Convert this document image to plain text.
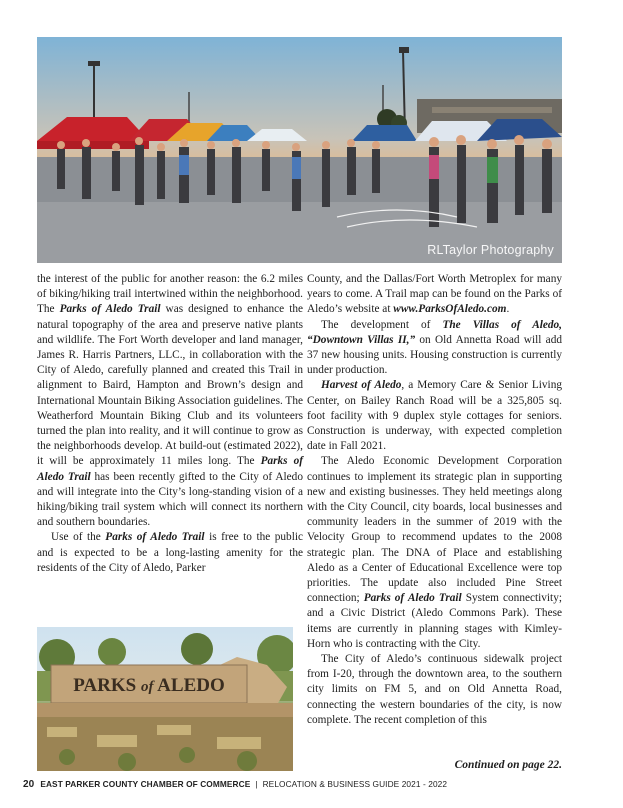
RLTaylor Photography

the interest of the public for another reason: the 6.2 miles of biking/hiking trail intertwined within the neighborhood. The Parks of Aledo Trail was designed to enhance the natural topography of the area and preserve native plants and wildlife. The Fort Worth developer and land manager, James R. Harris Partners, LLC., in collaboration with the City of Aledo, carefully planned and created this Trail in alignment to Baird, Hampton and Brown’s design and International Mountain Biking Association guidelines. The Weatherford Mountain Biking Club and its volunteers turned the plan into reality, and it will continue to grow as the neighborhoods develop. At build-out (estimated 2022), it will be approximately 11 miles long. The Parks of Aledo Trail has been recently gifted to the City of Aledo and will integrate into the City’s long-standing vision of a hiking/biking trail system which will connect its northern and southern boundaries.

Use of the Parks of Aledo Trail is free to the public and is expected to be a long-lasting amenity for the residents of the City of Aledo, Parker

County, and the Dallas/Fort Worth Metroplex for many years to come. A Trail map can be found on the Parks of Aledo’s website at www.ParksOfAledo.com.

The development of The Villas of Aledo, “Downtown Villas II,” on Old Annetta Road will add 37 new housing units. Housing construction is currently under production.

Harvest of Aledo, a Memory Care & Senior Living Center, on Bailey Ranch Road will be a 325,805 sq. foot facility with 9 duplex style cottages for seniors. Construction is underway, with expected completion date in Fall 2021.

The Aledo Economic Development Corporation continues to implement its strategic plan in supporting new and existing businesses. They held meetings along with the City Council, city boards, local businesses and community leaders in the summer of 2019 with the Velocity Group to recommend updates to the 2008 strategic plan. The DNA of Place and establishing Aledo as a Center of Educational Excellence were top priorities. The update also included Pine Street connection; Parks of Aledo Trail System connectivity; and a Civic District (Aledo Commons Park). These items are currently in planning stages with Kimley-Horn who is contracting with the City.

The City of Aledo’s continuous sidewalk project from I-20, through the downtown area, to the southern city limits on FM 5, and on Old Annetta Road, connecting the western boundaries of the city, is now complete. The recent completion of this

PARKS of ALEDO
Continued on page 22.
20 EAST PARKER COUNTY CHAMBER OF COMMERCE | RELOCATION & BUSINESS GUIDE 2021 - 2022
